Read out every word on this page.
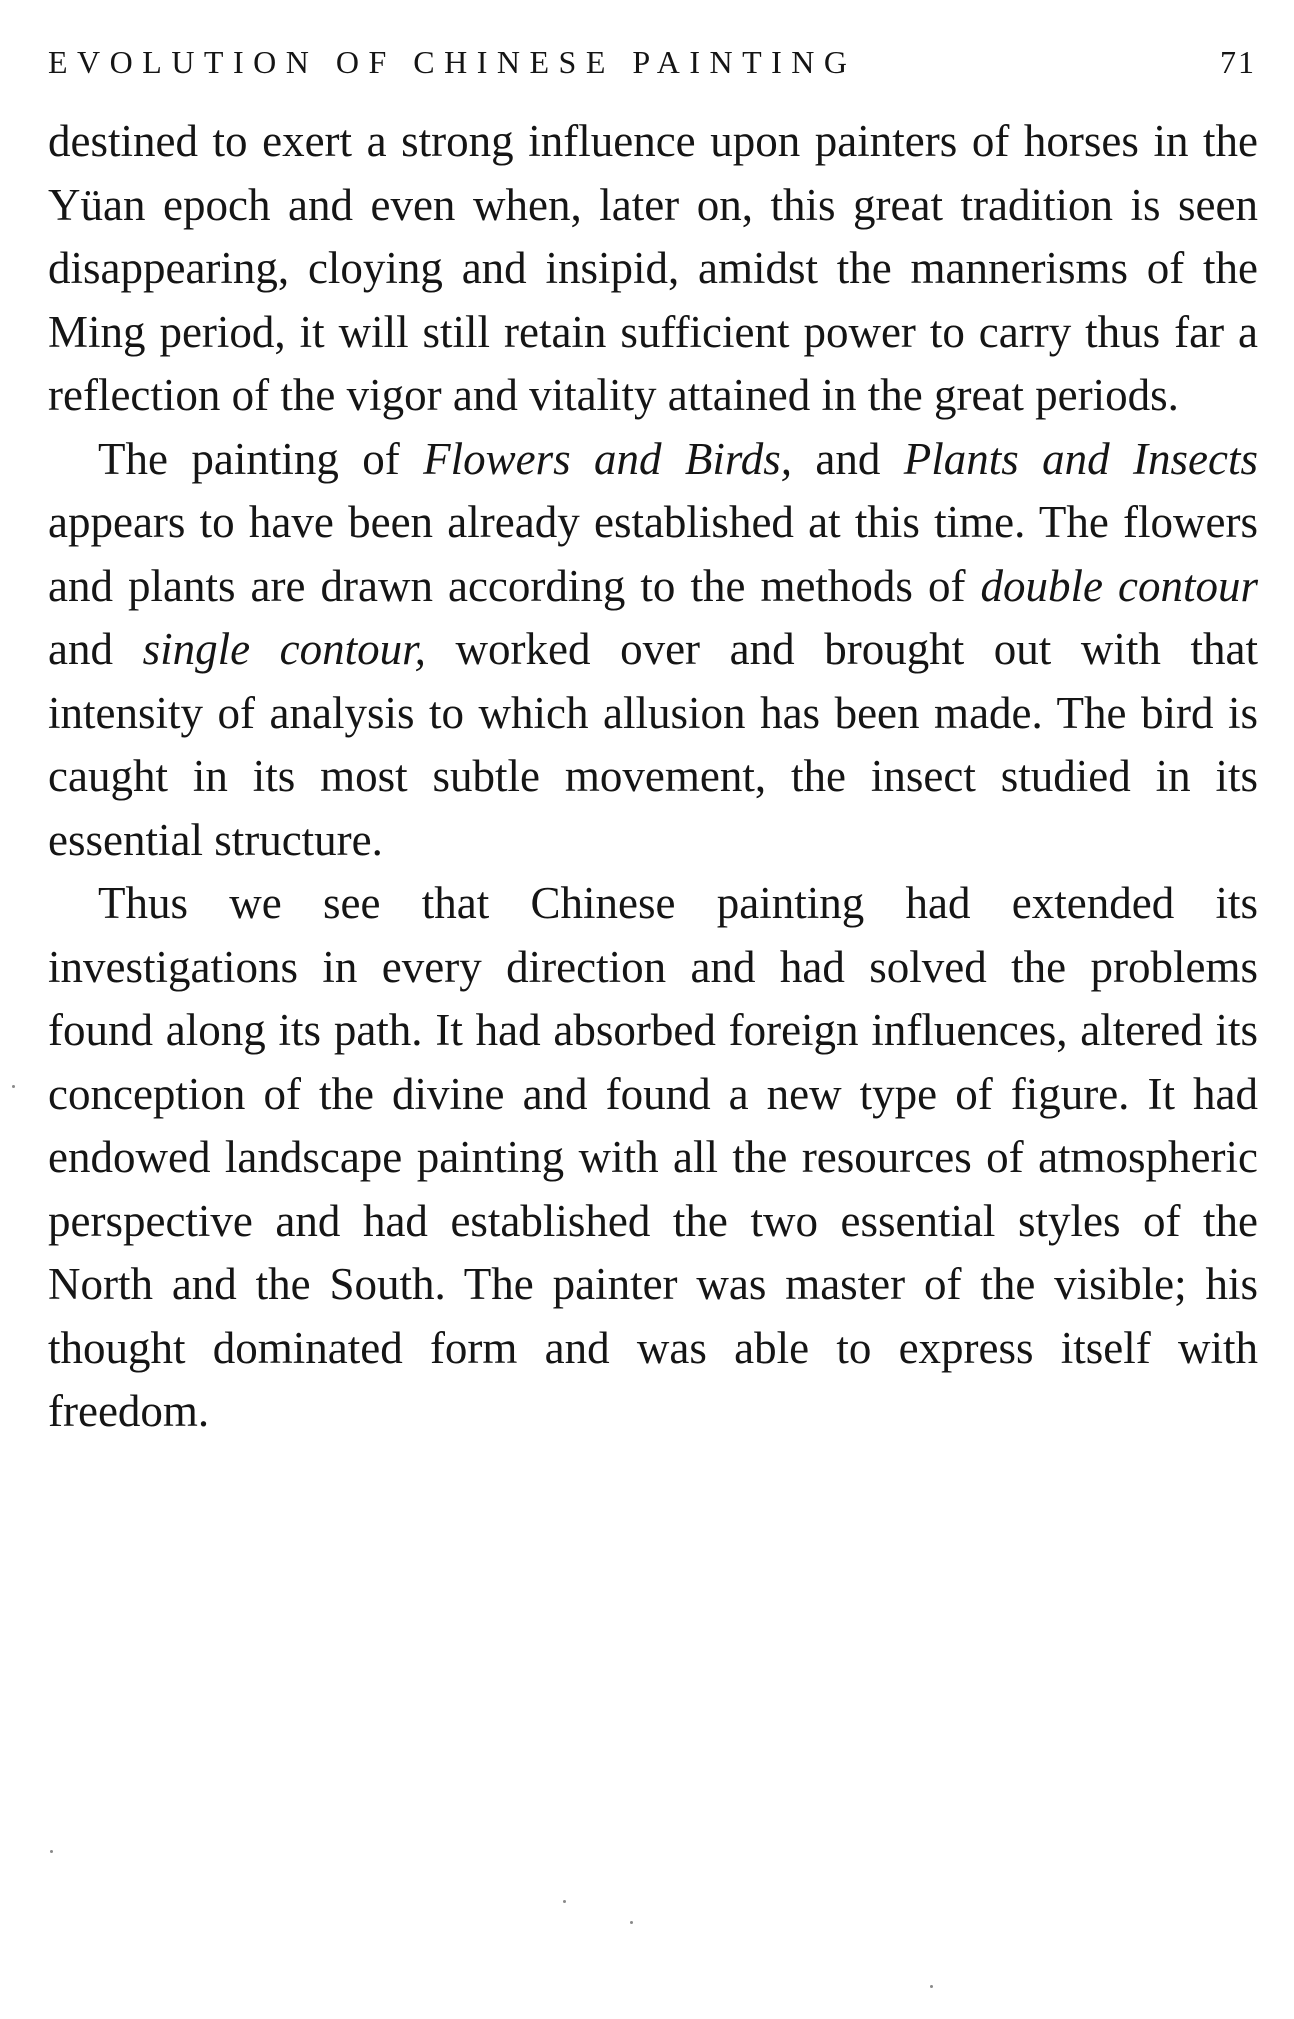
EVOLUTION OF CHINESE PAINTING	71

destined to exert a strong influence upon painters of horses in the Yüan epoch and even when, later on, this great tradition is seen disappearing, cloying and insipid, amidst the mannerisms of the Ming period, it will still retain sufficient power to carry thus far a reflection of the vigor and vitality attained in the great periods.

The painting of Flowers and Birds, and Plants and Insects appears to have been already established at this time. The flowers and plants are drawn according to the methods of double contour and single contour, worked over and brought out with that intensity of analysis to which allusion has been made. The bird is caught in its most subtle movement, the insect studied in its essential structure.

Thus we see that Chinese painting had extended its investigations in every direction and had solved the problems found along its path. It had absorbed foreign influences, altered its conception of the divine and found a new type of figure. It had endowed landscape painting with all the resources of atmospheric perspective and had established the two essential styles of the North and the South. The painter was master of the visible; his thought dominated form and was able to express itself with freedom.
